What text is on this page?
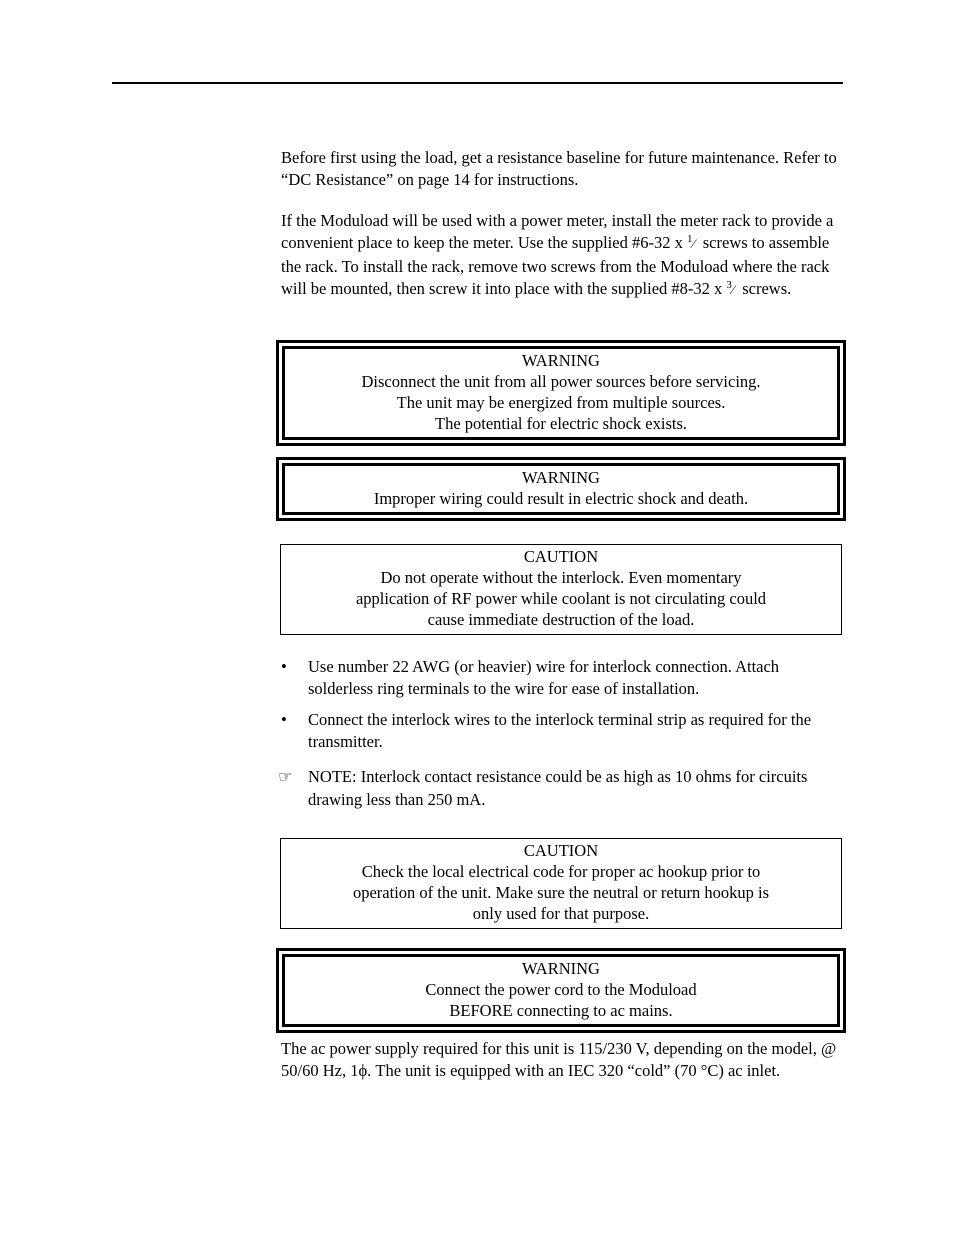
Before first using the load, get a resistance baseline for future maintenance. Refer to “DC Resistance” on page 14 for instructions.

If the Moduload will be used with a power meter, install the meter rack to provide a convenient place to keep the meter. Use the supplied #6-32 x $^1$⁄ screws to assemble the rack. To install the rack, remove two screws from the Moduload where the rack will be mounted, then screw it into place with the supplied #8-32 x $^3$⁄ screws.

WARNING
Disconnect the unit from all power sources before servicing.
The unit may be energized from multiple sources.
The potential for electric shock exists.
WARNING
Improper wiring could result in electric shock and death.
CAUTION
Do not operate without the interlock. Even momentary
application of RF power while coolant is not circulating could
cause immediate destruction of the load.
• Use number 22 AWG (or heavier) wire for interlock connection. Attach solderless ring terminals to the wire for ease of installation.
• Connect the interlock wires to the interlock terminal strip as required for the transmitter.
☞ NOTE: Interlock contact resistance could be as high as 10 ohms for circuits drawing less than 250 mA.
CAUTION
Check the local electrical code for proper ac hookup prior to
operation of the unit. Make sure the neutral or return hookup is
only used for that purpose.
WARNING
Connect the power cord to the Moduload
BEFORE connecting to ac mains.

The ac power supply required for this unit is 115/230 V, depending on the model, @ 50/60 Hz, 1ϕ. The unit is equipped with an IEC 320 “cold” (70 °C) ac inlet.
